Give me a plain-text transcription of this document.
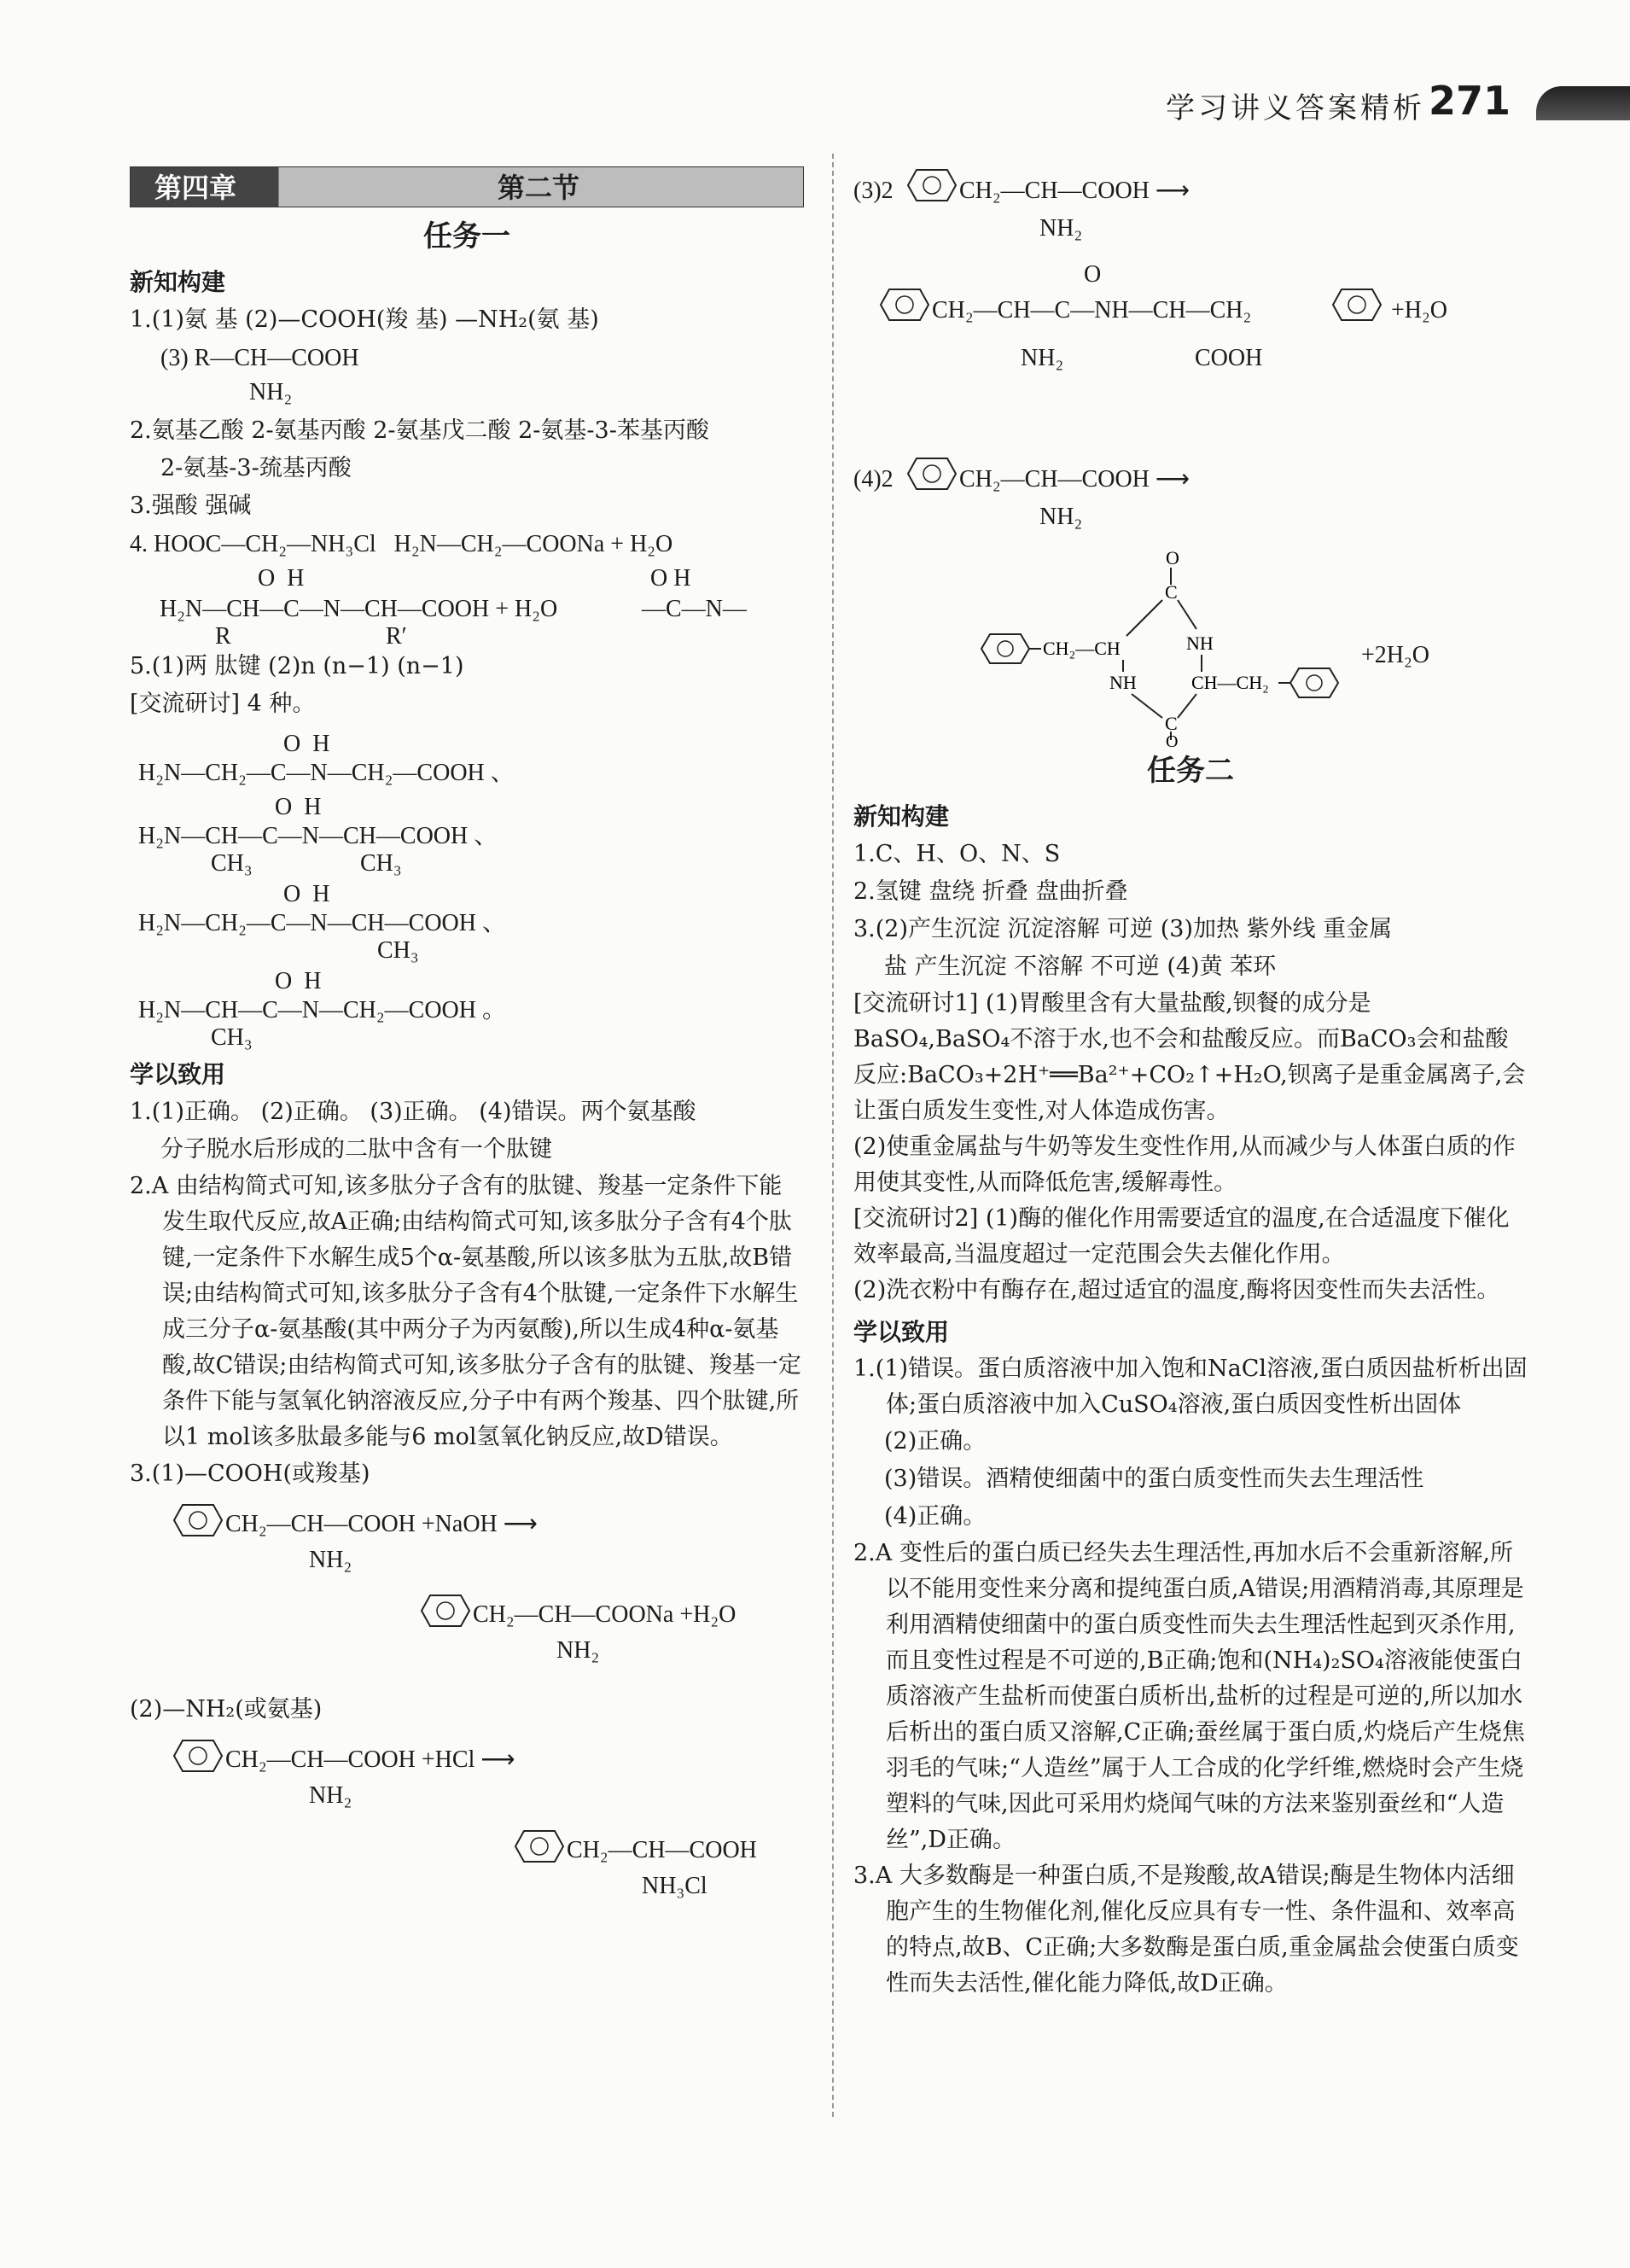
学习讲义答案精析 271
第四章	第二节
任务一
新知构建
1.(1)氨 基 (2)—COOH(羧 基) —NH₂(氨 基)
(3) R—CH—COOH
NH₂
2.氨基乙酸 2-氨基丙酸 2-氨基戊二酸 2-氨基-3-苯基丙酸
2-氨基-3-巯基丙酸
3.强酸 强碱
4. HOOC—CH₂—NH₃Cl   H₂N—CH₂—COONa + H₂O
O  H
H₂N—CH—C—N—CH—COOH + H₂O
R	R′
O H
—C—N—
5.(1)两 肽键 (2)n (n−1) (n−1)
[交流研讨] 4 种。
O  H
H₂N—CH₂—C—N—CH₂—COOH 、
O  H
H₂N—CH—C—N—CH—COOH 、
CH₃	CH₃
O  H
H₂N—CH₂—C—N—CH—COOH 、
CH₃
O  H
H₂N—CH—C—N—CH₂—COOH 。
CH₃
学以致用
1.(1)正确。 (2)正确。 (3)正确。 (4)错误。两个氨基酸
分子脱水后形成的二肽中含有一个肽键
2.A 由结构简式可知,该多肽分子含有的肽键、羧基一定条件下能发生取代反应,故A正确;由结构简式可知,该多肽分子含有4个肽键,一定条件下水解生成5个α-氨基酸,所以该多肽为五肽,故B错误;由结构简式可知,该多肽分子含有4个肽键,一定条件下水解生成三分子α-氨基酸(其中两分子为丙氨酸),所以生成4种α-氨基酸,故C错误;由结构简式可知,该多肽分子含有的肽键、羧基一定条件下能与氢氧化钠溶液反应,分子中有两个羧基、四个肽键,所以1 mol该多肽最多能与6 mol氢氧化钠反应,故D错误。
3.(1)—COOH(或羧基)
CH₂—CH—COOH +NaOH ⟶
NH₂
CH₂—CH—COONa +H₂O
NH₂
(2)—NH₂(或氨基)
CH₂—CH—COOH +HCl ⟶
NH₂
CH₂—CH—COOH
NH₃Cl
(3)2	CH₂—CH—COOH ⟶
NH₂
O
CH₂—CH—C—NH—CH—CH₂	+H₂O
NH₂	COOH
(4)2	CH₂—CH—COOH ⟶
NH₂
CH₂—CH
O
C
NH
NH	CH—CH₂
C
O
+2H₂O
任务二
新知构建
1.C、H、O、N、S
2.氢键 盘绕 折叠 盘曲折叠
3.(2)产生沉淀 沉淀溶解 可逆 (3)加热 紫外线 重金属
盐 产生沉淀 不溶解 不可逆 (4)黄 苯环
[交流研讨1] (1)胃酸里含有大量盐酸,钡餐的成分是BaSO₄,BaSO₄不溶于水,也不会和盐酸反应。而BaCO₃会和盐酸反应:BaCO₃+2H⁺══Ba²⁺+CO₂↑+H₂O,钡离子是重金属离子,会让蛋白质发生变性,对人体造成伤害。
(2)使重金属盐与牛奶等发生变性作用,从而减少与人体蛋白质的作用使其变性,从而降低危害,缓解毒性。
[交流研讨2] (1)酶的催化作用需要适宜的温度,在合适温度下催化效率最高,当温度超过一定范围会失去催化作用。
(2)洗衣粉中有酶存在,超过适宜的温度,酶将因变性而失去活性。
学以致用
1.(1)错误。蛋白质溶液中加入饱和NaCl溶液,蛋白质因盐析析出固体;蛋白质溶液中加入CuSO₄溶液,蛋白质因变性析出固体
(2)正确。
(3)错误。酒精使细菌中的蛋白质变性而失去生理活性
(4)正确。
2.A 变性后的蛋白质已经失去生理活性,再加水后不会重新溶解,所以不能用变性来分离和提纯蛋白质,A错误;用酒精消毒,其原理是利用酒精使细菌中的蛋白质变性而失去生理活性起到灭杀作用,而且变性过程是不可逆的,B正确;饱和(NH₄)₂SO₄溶液能使蛋白质溶液产生盐析而使蛋白质析出,盐析的过程是可逆的,所以加水后析出的蛋白质又溶解,C正确;蚕丝属于蛋白质,灼烧后产生烧焦羽毛的气味;“人造丝”属于人工合成的化学纤维,燃烧时会产生烧塑料的气味,因此可采用灼烧闻气味的方法来鉴别蚕丝和“人造丝”,D正确。
3.A 大多数酶是一种蛋白质,不是羧酸,故A错误;酶是生物体内活细胞产生的生物催化剂,催化反应具有专一性、条件温和、效率高的特点,故B、C正确;大多数酶是蛋白质,重金属盐会使蛋白质变性而失去活性,催化能力降低,故D正确。
